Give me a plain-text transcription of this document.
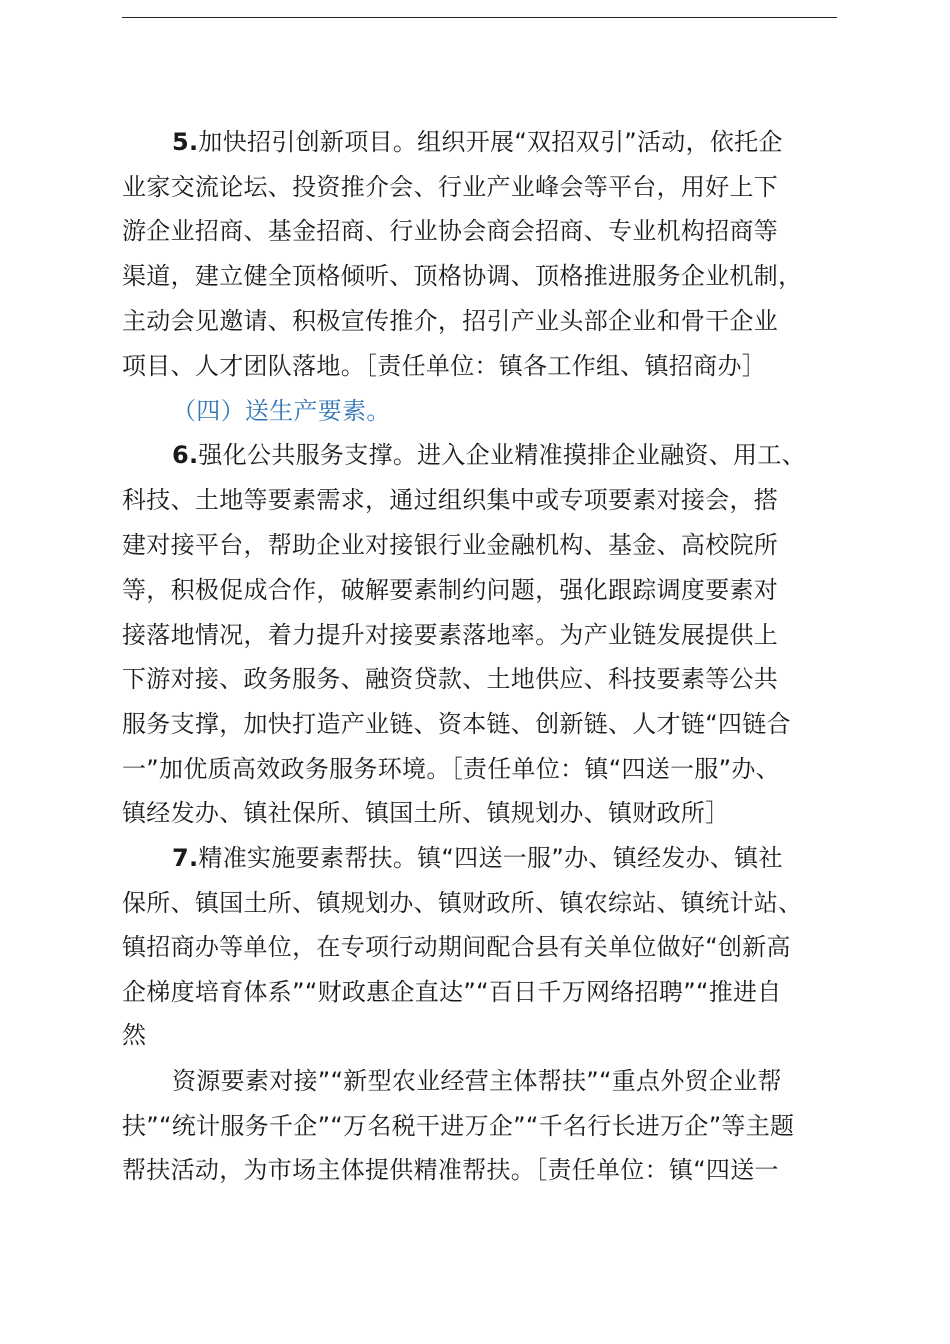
5.加快招引创新项目。组织开展“双招双引”活动，依托企
业家交流论坛、投资推介会、行业产业峰会等平台，用好上下
游企业招商、基金招商、行业协会商会招商、专业机构招商等
渠道，建立健全顶格倾听、顶格协调、顶格推进服务企业机制，
主动会见邀请、积极宣传推介，招引产业头部企业和骨干企业
项目、人才团队落地。［责任单位：镇各工作组、镇招商办］
（四）送生产要素。
6.强化公共服务支撑。进入企业精准摸排企业融资、用工、
科技、土地等要素需求，通过组织集中或专项要素对接会，搭
建对接平台，帮助企业对接银行业金融机构、基金、高校院所
等，积极促成合作，破解要素制约问题，强化跟踪调度要素对
接落地情况，着力提升对接要素落地率。为产业链发展提供上
下游对接、政务服务、融资贷款、土地供应、科技要素等公共
服务支撑，加快打造产业链、资本链、创新链、人才链“四链合
一”加优质高效政务服务环境。［责任单位：镇“四送一服”办、
镇经发办、镇社保所、镇国土所、镇规划办、镇财政所］
7.精准实施要素帮扶。镇“四送一服”办、镇经发办、镇社
保所、镇国土所、镇规划办、镇财政所、镇农综站、镇统计站、
镇招商办等单位，在专项行动期间配合县有关单位做好“创新高
企梯度培育体系”“财政惠企直达”“百日千万网络招聘”“推进自
然
资源要素对接”“新型农业经营主体帮扶”“重点外贸企业帮
扶”“统计服务千企”“万名税干进万企”“千名行长进万企”等主题
帮扶活动，为市场主体提供精准帮扶。［责任单位：镇“四送一
